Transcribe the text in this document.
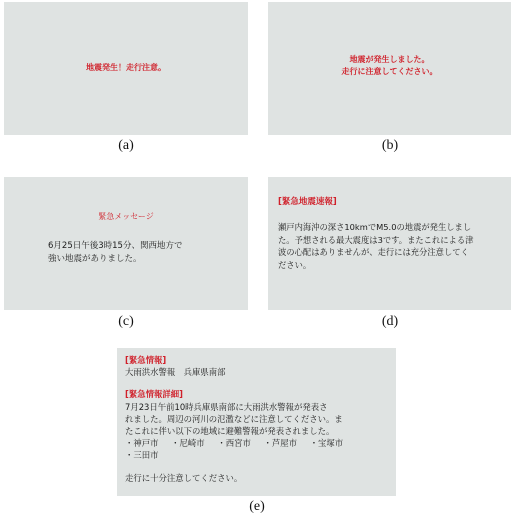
地震発生！走行注意。
(a)
地震が発生しました。
走行に注意してください。
(b)
緊急メッセージ
6月25日午後3時15分、関西地方で
強い地震がありました。
(c)
[緊急地震速報]
瀬戸内海沖の深さ10kmでM5.0の地震が発生しまし
た。予想される最大震度は3です。またこれによる津
波の心配はありませんが、走行には充分注意してく
ださい。
(d)
[緊急情報]
大雨洪水警報　兵庫県南部
[緊急情報詳細]
7月23日午前10時兵庫県南部に大雨洪水警報が発表さ
れました。周辺の河川の氾濫などに注意してください。ま
たこれに伴い以下の地域に避難警報が発表されました。
・神戸市 ・尼崎市 ・西宮市 ・芦屋市 ・宝塚市
・三田市
走行に十分注意してください。
(e)
